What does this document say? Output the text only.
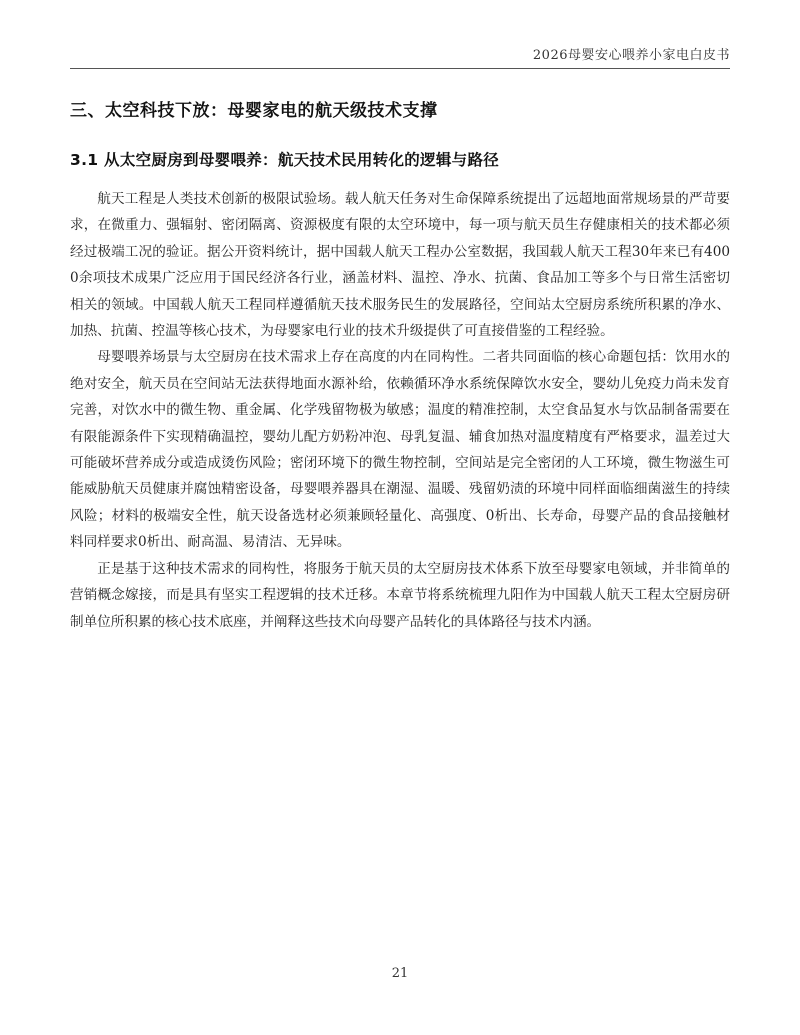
2026母婴安心喂养小家电白皮书
三、太空科技下放：母婴家电的航天级技术支撑
3.1 从太空厨房到母婴喂养：航天技术民用转化的逻辑与路径

航天工程是人类技术创新的极限试验场。载人航天任务对生命保障系统提出了远超地面常规场景的严苛要求，在微重力、强辐射、密闭隔离、资源极度有限的太空环境中，每一项与航天员生存健康相关的技术都必须经过极端工况的验证。据公开资料统计，据中国载人航天工程办公室数据，我国载人航天工程30年来已有4000余项技术成果广泛应用于国民经济各行业，涵盖材料、温控、净水、抗菌、食品加工等多个与日常生活密切相关的领域。中国载人航天工程同样遵循航天技术服务民生的发展路径，空间站太空厨房系统所积累的净水、加热、抗菌、控温等核心技术，为母婴家电行业的技术升级提供了可直接借鉴的工程经验。

母婴喂养场景与太空厨房在技术需求上存在高度的内在同构性。二者共同面临的核心命题包括：饮用水的绝对安全，航天员在空间站无法获得地面水源补给，依赖循环净水系统保障饮水安全，婴幼儿免疫力尚未发育完善，对饮水中的微生物、重金属、化学残留物极为敏感；温度的精准控制，太空食品复水与饮品制备需要在有限能源条件下实现精确温控，婴幼儿配方奶粉冲泡、母乳复温、辅食加热对温度精度有严格要求，温差过大可能破坏营养成分或造成烫伤风险；密闭环境下的微生物控制，空间站是完全密闭的人工环境，微生物滋生可能威胁航天员健康并腐蚀精密设备，母婴喂养器具在潮湿、温暖、残留奶渍的环境中同样面临细菌滋生的持续风险；材料的极端安全性，航天设备选材必须兼顾轻量化、高强度、0析出、长寿命，母婴产品的食品接触材料同样要求0析出、耐高温、易清洁、无异味。

正是基于这种技术需求的同构性，将服务于航天员的太空厨房技术体系下放至母婴家电领域，并非简单的营销概念嫁接，而是具有坚实工程逻辑的技术迁移。本章节将系统梳理九阳作为中国载人航天工程太空厨房研制单位所积累的核心技术底座，并阐释这些技术向母婴产品转化的具体路径与技术内涵。

21
